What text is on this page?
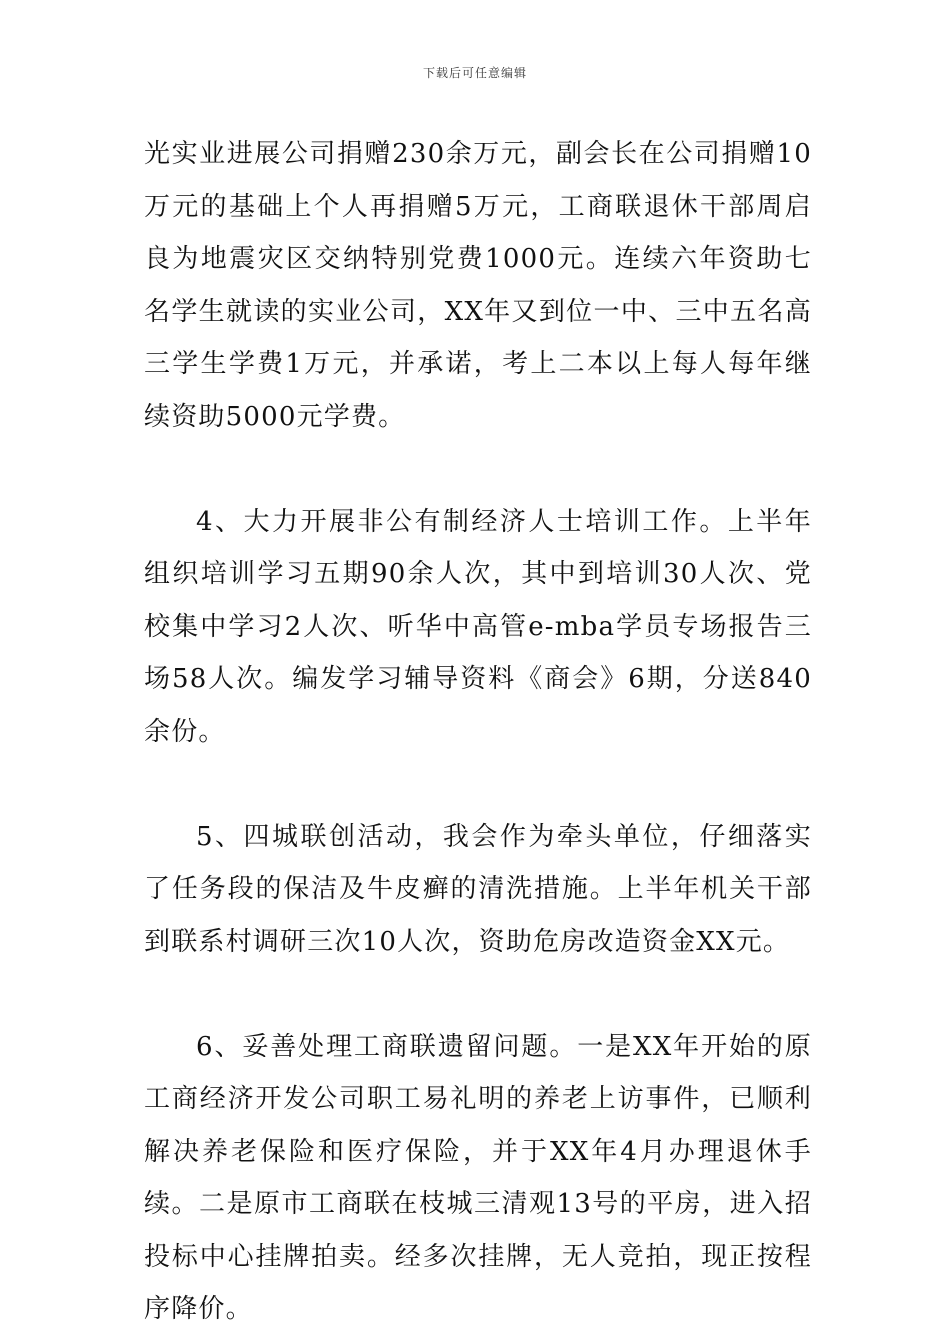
下载后可任意编辑

光实业进展公司捐赠230余万元，副会长在公司捐赠10万元的基础上个人再捐赠5万元，工商联退休干部周启良为地震灾区交纳特别党费1000元。连续六年资助七名学生就读的实业公司，XX年又到位一中、三中五名高三学生学费1万元，并承诺，考上二本以上每人每年继续资助5000元学费。

4、大力开展非公有制经济人士培训工作。上半年组织培训学习五期90余人次，其中到培训30人次、党校集中学习2人次、听华中高管e-mba学员专场报告三场58人次。编发学习辅导资料《商会》6期，分送840余份。

5、四城联创活动，我会作为牵头单位，仔细落实了任务段的保洁及牛皮癣的清洗措施。上半年机关干部到联系村调研三次10人次，资助危房改造资金XX元。

6、妥善处理工商联遗留问题。一是XX年开始的原工商经济开发公司职工易礼明的养老上访事件，已顺利解决养老保险和医疗保险，并于XX年4月办理退休手续。二是原市工商联在枝城三清观13号的平房，进入招投标中心挂牌拍卖。经多次挂牌，无人竞拍，现正按程序降价。
